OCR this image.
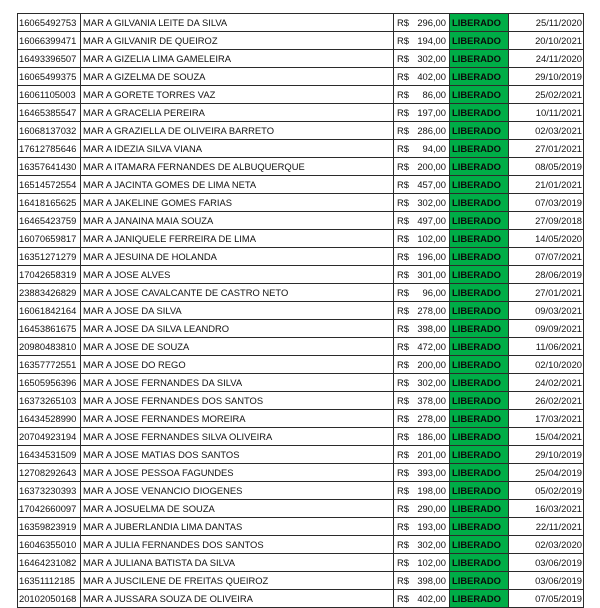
16065492753	MAR A GILVANIA LEITE DA SILVA	R$ 296,00	LIBERADO	25/11/2020
16066399471	MAR A GILVANIR DE QUEIROZ	R$ 194,00	LIBERADO	20/10/2021
16493396507	MAR A GIZELIA LIMA GAMELEIRA	R$ 302,00	LIBERADO	24/11/2020
16065499375	MAR A GIZELMA DE SOUZA	R$ 402,00	LIBERADO	29/10/2019
16061105003	MAR A GORETE TORRES VAZ	R$ 86,00	LIBERADO	25/02/2021
16465385547	MAR A GRACELIA PEREIRA	R$ 197,00	LIBERADO	10/11/2021
16068137032	MAR A GRAZIELLA DE OLIVEIRA BARRETO	R$ 286,00	LIBERADO	02/03/2021
17612785646	MAR A IDEZIA SILVA VIANA	R$ 94,00	LIBERADO	27/01/2021
16357641430	MAR A ITAMARA FERNANDES DE ALBUQUERQUE	R$ 200,00	LIBERADO	08/05/2019
16514572554	MAR A JACINTA GOMES DE LIMA NETA	R$ 457,00	LIBERADO	21/01/2021
16418165625	MAR A JAKELINE GOMES FARIAS	R$ 302,00	LIBERADO	07/03/2019
16465423759	MAR A JANAINA MAIA SOUZA	R$ 497,00	LIBERADO	27/09/2018
16070659817	MAR A JANIQUELE FERREIRA DE LIMA	R$ 102,00	LIBERADO	14/05/2020
16351271279	MAR A JESUINA DE HOLANDA	R$ 196,00	LIBERADO	07/07/2021
17042658319	MAR A JOSE ALVES	R$ 301,00	LIBERADO	28/06/2019
23883426829	MAR A JOSE CAVALCANTE DE CASTRO NETO	R$ 96,00	LIBERADO	27/01/2021
16061842164	MAR A JOSE DA SILVA	R$ 278,00	LIBERADO	09/03/2021
16453861675	MAR A JOSE DA SILVA LEANDRO	R$ 398,00	LIBERADO	09/09/2021
20980483810	MAR A JOSE DE SOUZA	R$ 472,00	LIBERADO	11/06/2021
16357772551	MAR A JOSE DO REGO	R$ 200,00	LIBERADO	02/10/2020
16505956396	MAR A JOSE FERNANDES DA SILVA	R$ 302,00	LIBERADO	24/02/2021
16373265103	MAR A JOSE FERNANDES DOS SANTOS	R$ 378,00	LIBERADO	26/02/2021
16434528990	MAR A JOSE FERNANDES MOREIRA	R$ 278,00	LIBERADO	17/03/2021
20704923194	MAR A JOSE FERNANDES SILVA OLIVEIRA	R$ 186,00	LIBERADO	15/04/2021
16434531509	MAR A JOSE MATIAS DOS SANTOS	R$ 201,00	LIBERADO	29/10/2019
12708292643	MAR A JOSE PESSOA FAGUNDES	R$ 393,00	LIBERADO	25/04/2019
16373230393	MAR A JOSE VENANCIO DIOGENES	R$ 198,00	LIBERADO	05/02/2019
17042660097	MAR A JOSUELMA DE SOUZA	R$ 290,00	LIBERADO	16/03/2021
16359823919	MAR A JUBERLANDIA LIMA DANTAS	R$ 193,00	LIBERADO	22/11/2021
16046355010	MAR A JULIA FERNANDES DOS SANTOS	R$ 302,00	LIBERADO	02/03/2020
16464231082	MAR A JULIANA BATISTA DA SILVA	R$ 102,00	LIBERADO	03/06/2019
16351112185	MAR A JUSCILENE DE FREITAS QUEIROZ	R$ 398,00	LIBERADO	03/06/2019
20102050168	MAR A JUSSARA SOUZA DE OLIVEIRA	R$ 402,00	LIBERADO	07/05/2019
